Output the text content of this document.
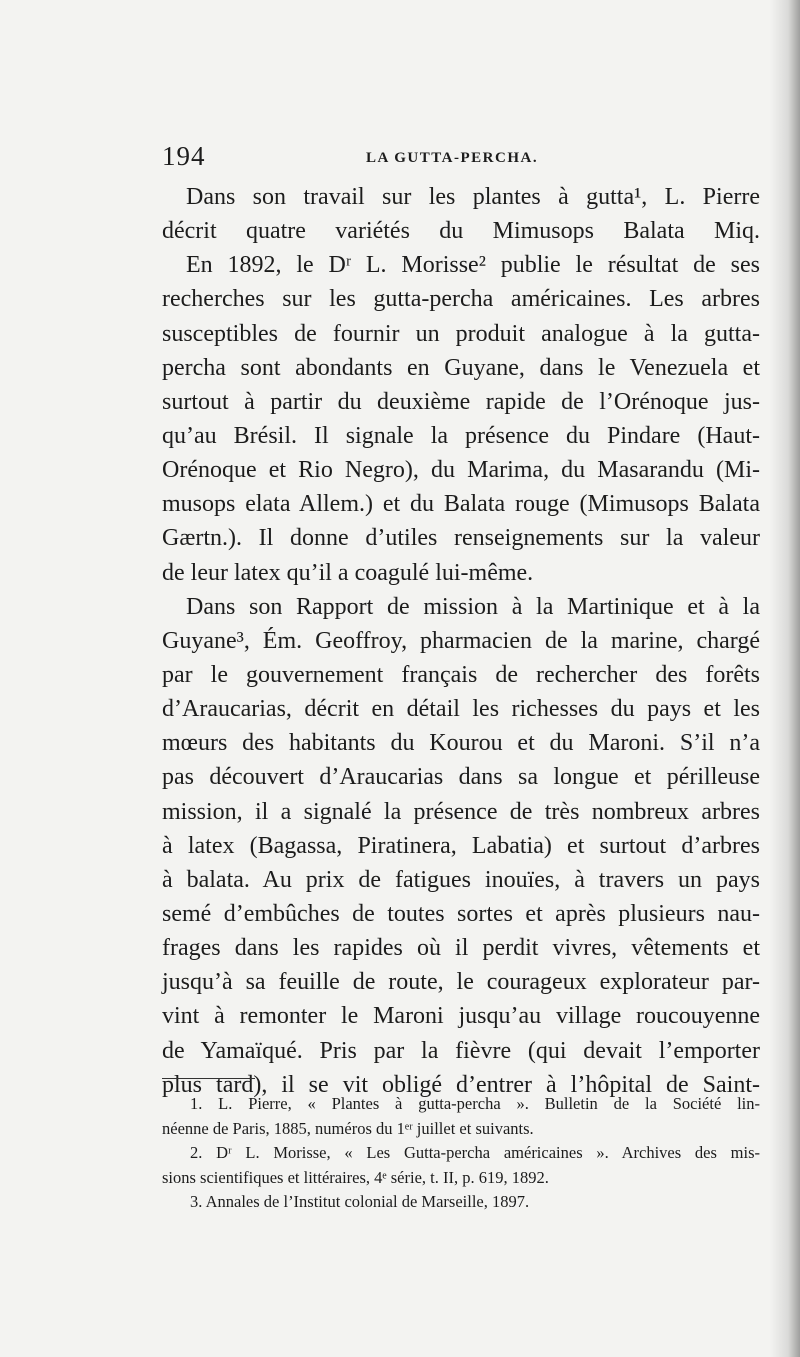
194	LA GUTTA-PERCHA.
Dans son travail sur les plantes à gutta¹, L. Pierre
décrit quatre variétés du Mimusops Balata Miq.
En 1892, le Dʳ L. Morisse² publie le résultat de ses
recherches sur les gutta-percha américaines. Les arbres
susceptibles de fournir un produit analogue à la gutta-
percha sont abondants en Guyane, dans le Venezuela et
surtout à partir du deuxième rapide de l’Orénoque jus-
qu’au Brésil. Il signale la présence du Pindare (Haut-
Orénoque et Rio Negro), du Marima, du Masarandu (Mi-
musops elata Allem.) et du Balata rouge (Mimusops Balata
Gærtn.). Il donne d’utiles renseignements sur la valeur
de leur latex qu’il a coagulé lui-même.
Dans son Rapport de mission à la Martinique et à la
Guyane³, Ém. Geoffroy, pharmacien de la marine, chargé
par le gouvernement français de rechercher des forêts
d’Araucarias, décrit en détail les richesses du pays et les
mœurs des habitants du Kourou et du Maroni. S’il n’a
pas découvert d’Araucarias dans sa longue et périlleuse
mission, il a signalé la présence de très nombreux arbres
à latex (Bagassa, Piratinera, Labatia) et surtout d’arbres
à balata. Au prix de fatigues inouïes, à travers un pays
semé d’embûches de toutes sortes et après plusieurs nau-
frages dans les rapides où il perdit vivres, vêtements et
jusqu’à sa feuille de route, le courageux explorateur par-
vint à remonter le Maroni jusqu’au village roucouyenne
de Yamaïqué. Pris par la fièvre (qui devait l’emporter
plus tard), il se vit obligé d’entrer à l’hôpital de Saint-
1. L. Pierre, « Plantes à gutta-percha ». Bulletin de la Société lin-
néenne de Paris, 1885, numéros du 1ᵉʳ juillet et suivants.
2. Dʳ L. Morisse, « Les Gutta-percha américaines ». Archives des mis-
sions scientifiques et littéraires, 4ᵉ série, t. II, p. 619, 1892.
3. Annales de l’Institut colonial de Marseille, 1897.
